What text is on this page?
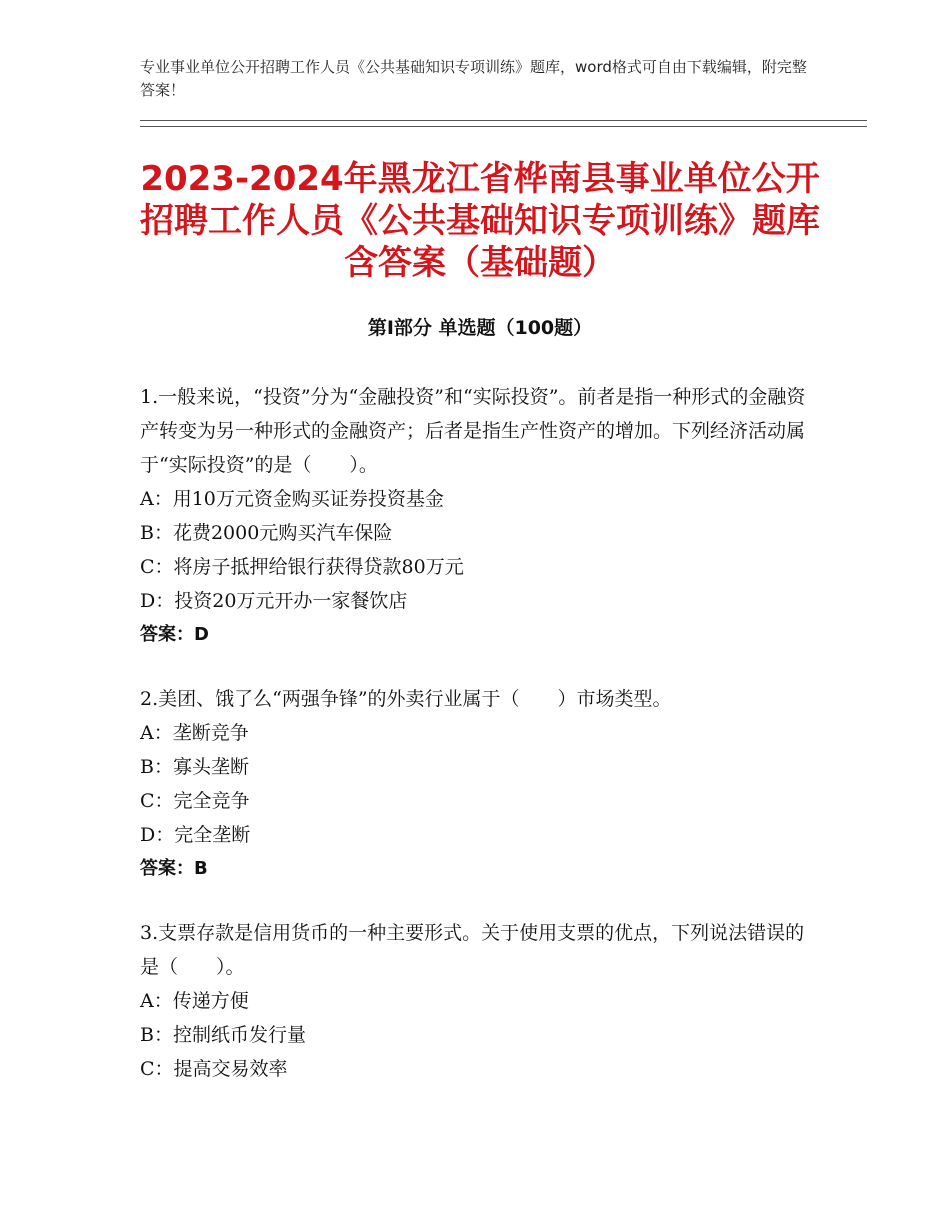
专业事业单位公开招聘工作人员《公共基础知识专项训练》题库，word格式可自由下载编辑，附完整答案！

2023-2024年黑龙江省桦南县事业单位公开招聘工作人员《公共基础知识专项训练》题库含答案（基础题）
第Ⅰ部分 单选题（100题）

1.一般来说，“投资”分为“金融投资”和“实际投资”。前者是指一种形式的金融资产转变为另一种形式的金融资产；后者是指生产性资产的增加。下列经济活动属于“实际投资”的是（　　）。

A：用10万元资金购买证券投资基金

B：花费2000元购买汽车保险

C：将房子抵押给银行获得贷款80万元

D：投资20万元开办一家餐饮店

答案：D

2.美团、饿了么“两强争锋”的外卖行业属于（　　）市场类型。

A：垄断竞争

B：寡头垄断

C：完全竞争

D：完全垄断

答案：B

3.支票存款是信用货币的一种主要形式。关于使用支票的优点，下列说法错误的是（　　）。

A：传递方便

B：控制纸币发行量

C：提高交易效率
